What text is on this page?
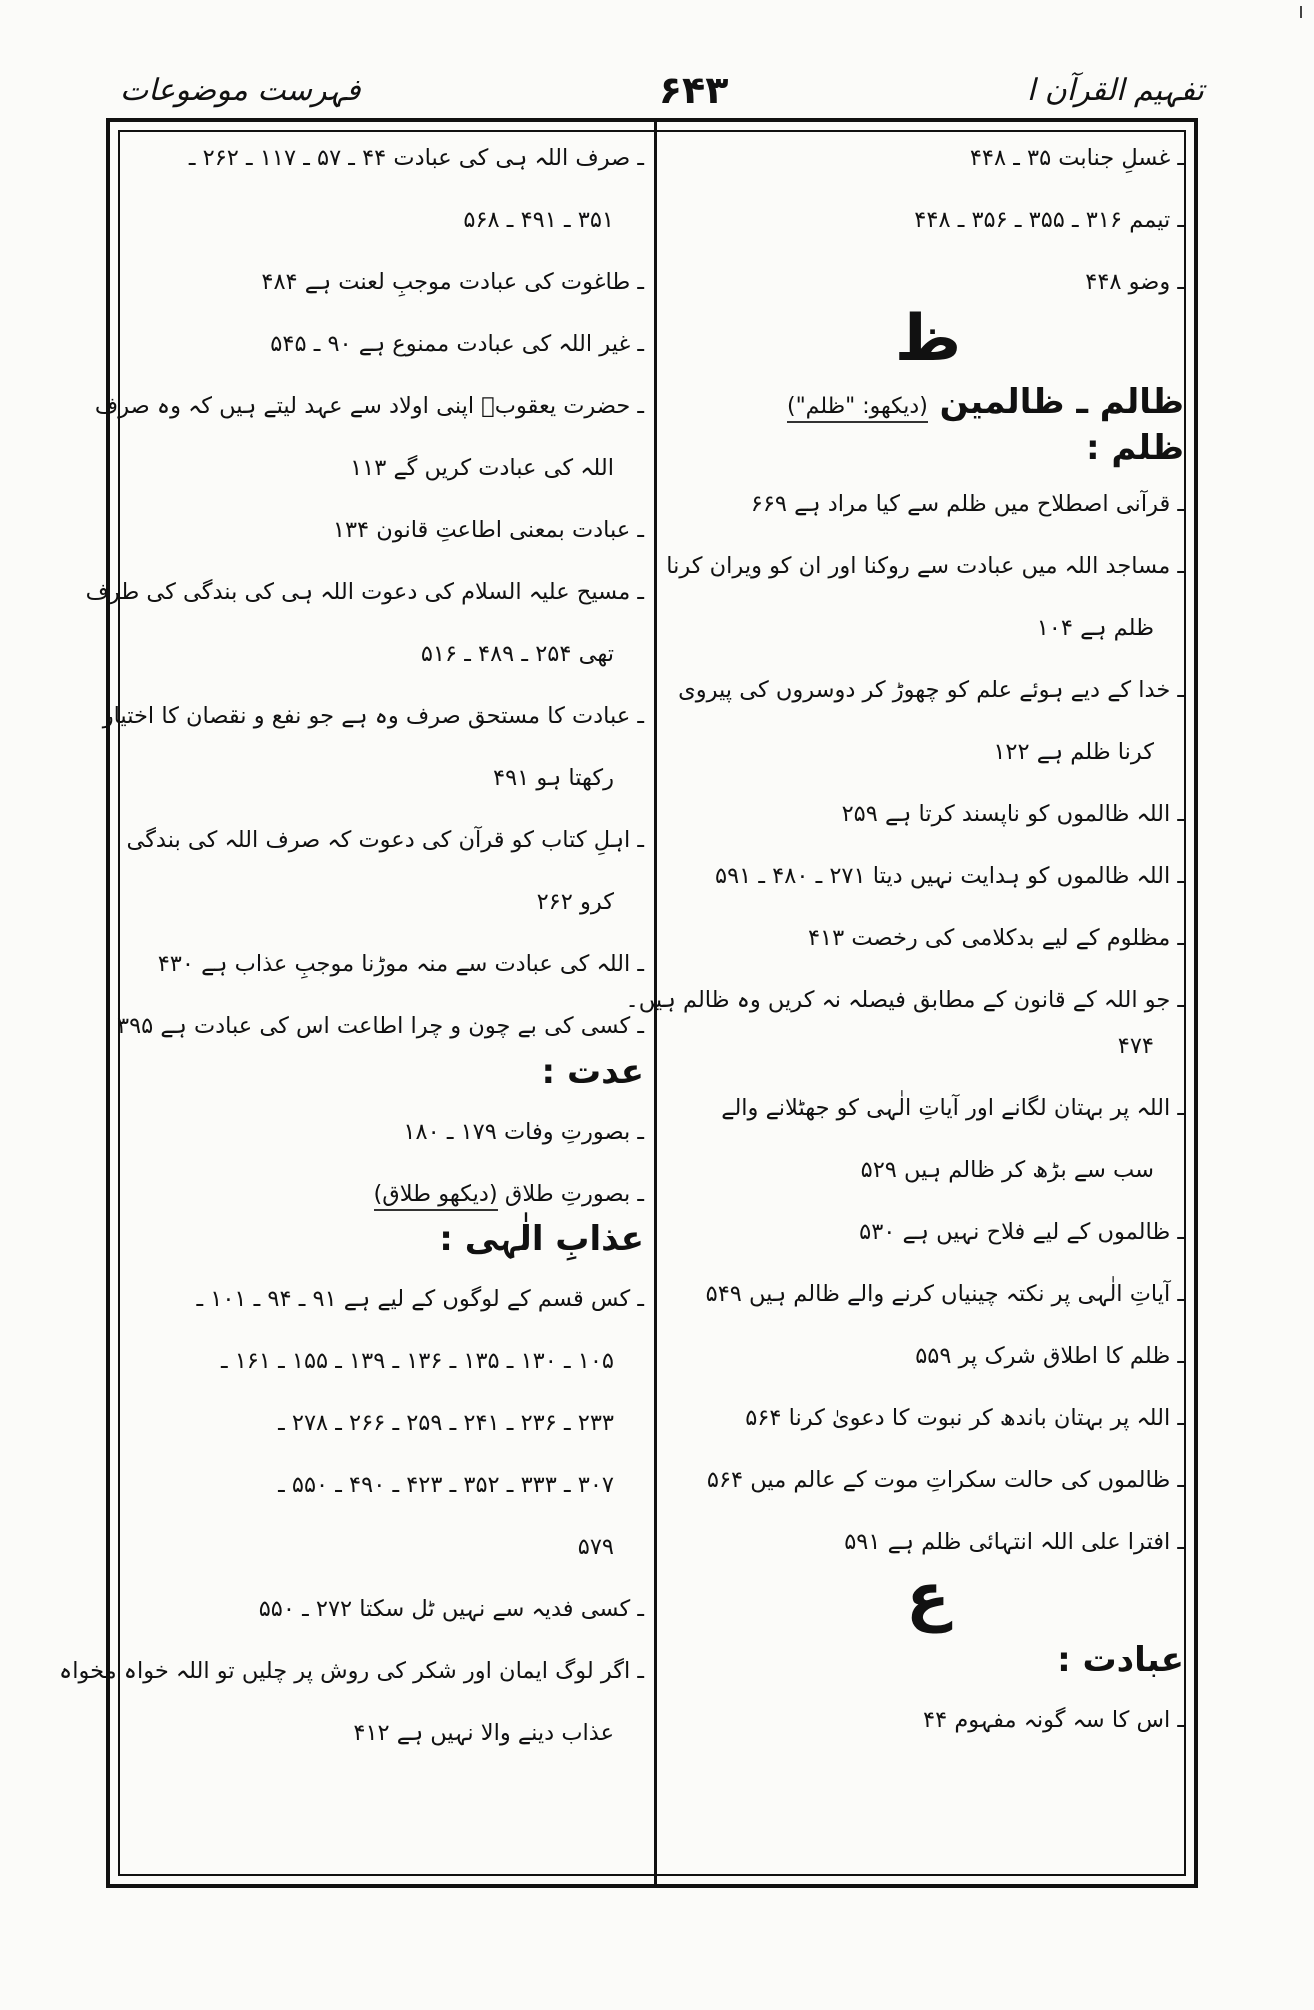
فہرست موضوعات	۶۴۳	تفہیم القرآن ا
ـ غسلِ جنابت ۳۵ ـ ۴۴۸
ـ تیمم ۳۱۶ ـ ۳۵۵ ـ ۳۵۶ ـ ۴۴۸
ـ وضو ۴۴۸
ظ
ظالم ـ ظالمین (دیکھو: "ظلم")
ظلم :
ـ قرآنی اصطلاح میں ظلم سے کیا مراد ہے ۶۶۹
ـ مساجد اللہ میں عبادت سے روکنا اور ان کو ویران کرنا
ظلم ہے ۱۰۴
ـ خدا کے دیے ہوئے علم کو چھوڑ کر دوسروں کی پیروی
کرنا ظلم ہے ۱۲۲
ـ اللہ ظالموں کو ناپسند کرتا ہے ۲۵۹
ـ اللہ ظالموں کو ہدایت نہیں دیتا ۲۷۱ ـ ۴۸۰ ـ ۵۹۱
ـ مظلوم کے لیے بدکلامی کی رخصت ۴۱۳
ـ جو اللہ کے قانون کے مطابق فیصلہ نہ کریں وہ ظالم ہیں۔
۴۷۴
ـ اللہ پر بہتان لگانے اور آیاتِ الٰہی کو جھٹلانے والے
سب سے بڑھ کر ظالم ہیں ۵۲۹
ـ ظالموں کے لیے فلاح نہیں ہے ۵۳۰
ـ آیاتِ الٰہی پر نکتہ چینیاں کرنے والے ظالم ہیں ۵۴۹
ـ ظلم کا اطلاق شرک پر ۵۵۹
ـ اللہ پر بہتان باندھ کر نبوت کا دعویٰ کرنا ۵۶۴
ـ ظالموں کی حالت سکراتِ موت کے عالم میں ۵۶۴
ـ افترا علی اللہ انتہائی ظلم ہے ۵۹۱
ع
عبادت :
ـ اس کا سہ گونہ مفہوم ۴۴
ـ صرف اللہ ہی کی عبادت ۴۴ ـ ۵۷ ـ ۱۱۷ ـ ۲۶۲ ـ
۳۵۱ ـ ۴۹۱ ـ ۵۶۸
ـ طاغوت کی عبادت موجبِ لعنت ہے ۴۸۴
ـ غیر اللہ کی عبادت ممنوع ہے ۹۰ ـ ۵۴۵
ـ حضرت یعقوبؑ اپنی اولاد سے عہد لیتے ہیں کہ وہ صرف
اللہ کی عبادت کریں گے ۱۱۳
ـ عبادت بمعنی اطاعتِ قانون ۱۳۴
ـ مسیح علیہ السلام کی دعوت اللہ ہی کی بندگی کی طرف
تھی ۲۵۴ ـ ۴۸۹ ـ ۵۱۶
ـ عبادت کا مستحق صرف وہ ہے جو نفع و نقصان کا اختیار
رکھتا ہو ۴۹۱
ـ اہلِ کتاب کو قرآن کی دعوت کہ صرف اللہ کی بندگی
کرو ۲۶۲
ـ اللہ کی عبادت سے منہ موڑنا موجبِ عذاب ہے ۴۳۰
ـ کسی کی بے چون و چرا اطاعت اس کی عبادت ہے ۳۹۵
عدت :
ـ بصورتِ وفات ۱۷۹ ـ ۱۸۰
ـ بصورتِ طلاق (دیکھو طلاق)
عذابِ الٰہی :
ـ کس قسم کے لوگوں کے لیے ہے ۹۱ ـ ۹۴ ـ ۱۰۱ ـ
۱۰۵ ـ ۱۳۰ ـ ۱۳۵ ـ ۱۳۶ ـ ۱۳۹ ـ ۱۵۵ ـ ۱۶۱ ـ
۲۳۳ ـ ۲۳۶ ـ ۲۴۱ ـ ۲۵۹ ـ ۲۶۶ ـ ۲۷۸ ـ
۳۰۷ ـ ۳۳۳ ـ ۳۵۲ ـ ۴۲۳ ـ ۴۹۰ ـ ۵۵۰ ـ
۵۷۹
ـ کسی فدیہ سے نہیں ٹل سکتا ۲۷۲ ـ ۵۵۰
ـ اگر لوگ ایمان اور شکر کی روش پر چلیں تو اللہ خواہ مخواہ
عذاب دینے والا نہیں ہے ۴۱۲
